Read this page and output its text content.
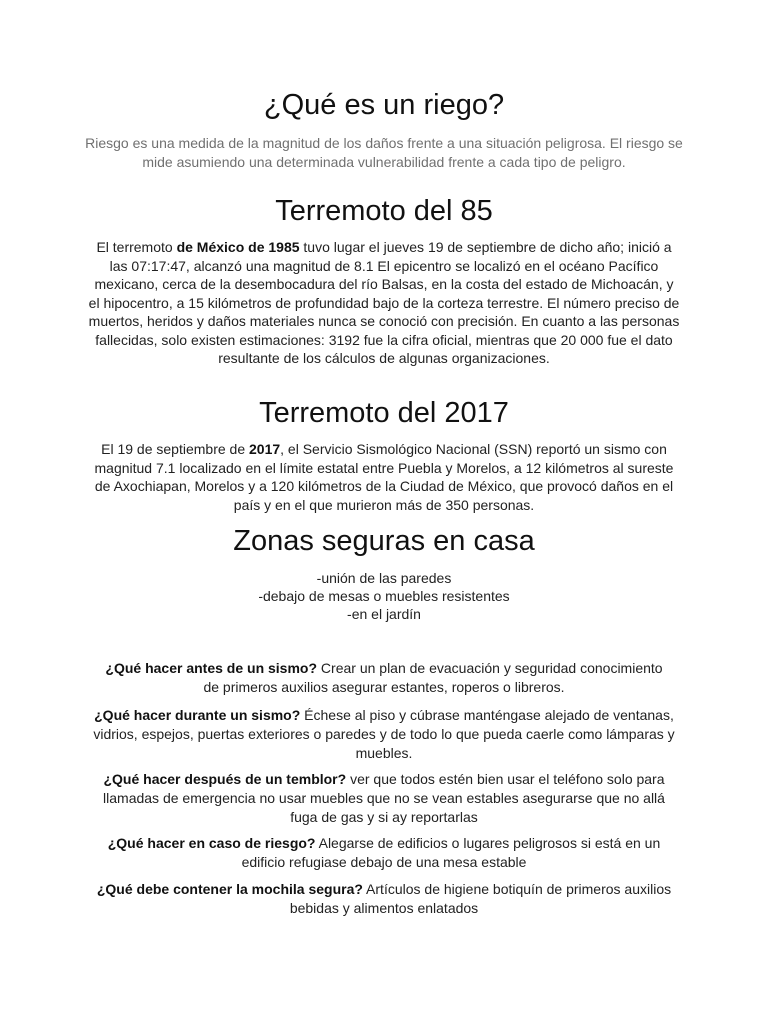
¿Qué es un riego?

Riesgo es una medida de la magnitud de los daños frente a una situación peligrosa. El riesgo se mide asumiendo una determinada vulnerabilidad frente a cada tipo de peligro.

Terremoto del 85

El terremoto de México de 1985 tuvo lugar el jueves 19 de septiembre de dicho año; inició a las 07:17:47, alcanzó una magnitud de 8.1 El epicentro se localizó en el océano Pacífico mexicano, cerca de la desembocadura del río Balsas, en la costa del estado de Michoacán, y el hipocentro, a 15 kilómetros de profundidad bajo de la corteza terrestre. El número preciso de muertos, heridos y daños materiales nunca se conoció con precisión. En cuanto a las personas fallecidas, solo existen estimaciones: 3192 fue la cifra oficial, mientras que 20 000 fue el dato resultante de los cálculos de algunas organizaciones.

Terremoto del 2017

El 19 de septiembre de 2017, el Servicio Sismológico Nacional (SSN) reportó un sismo con magnitud 7.1 localizado en el límite estatal entre Puebla y Morelos, a 12 kilómetros al sureste de Axochiapan, Morelos y a 120 kilómetros de la Ciudad de México, que provocó daños en el país y en el que murieron más de 350 personas.

Zonas seguras en casa
-unión de las paredes
-debajo de mesas o muebles resistentes
-en el jardín

¿Qué hacer antes de un sismo? Crear un plan de evacuación y seguridad conocimiento de primeros auxilios asegurar estantes, roperos o libreros.

¿Qué hacer durante un sismo? Échese al piso y cúbrase manténgase alejado de ventanas, vidrios, espejos, puertas exteriores o paredes y de todo lo que pueda caerle como lámparas y muebles.

¿Qué hacer después de un temblor? ver que todos estén bien usar el teléfono solo para llamadas de emergencia no usar muebles que no se vean estables asegurarse que no allá fuga de gas y si ay reportarlas

¿Qué hacer en caso de riesgo? Alegarse de edificios o lugares peligrosos si está en un edificio refugiase debajo de una mesa estable

¿Qué debe contener la mochila segura? Artículos de higiene botiquín de primeros auxilios bebidas y alimentos enlatados
